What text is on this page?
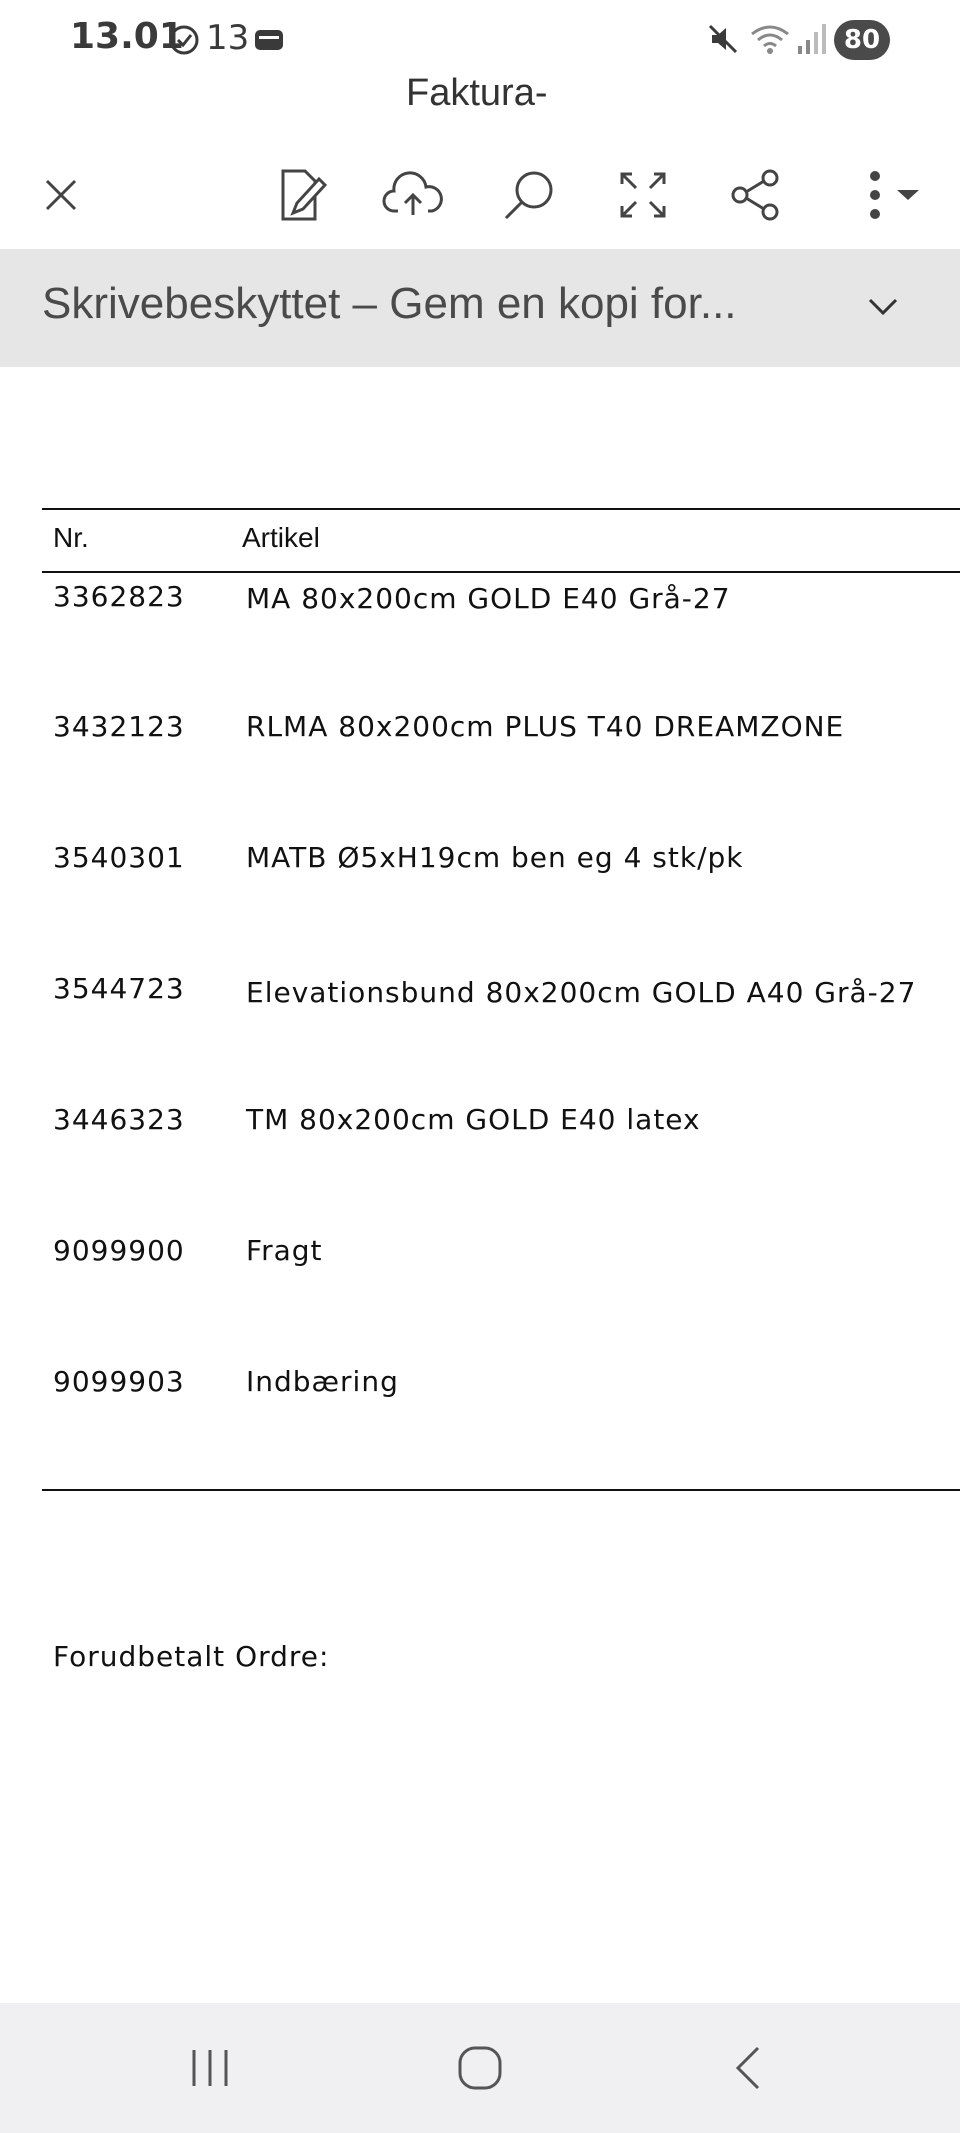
13.01 13	80
Faktura-
Skrivebeskyttet – Gem en kopi for...
Nr.	Artikel
3362823 MA 80x200cm GOLD E40 Grå-27
3432123 RLMA 80x200cm PLUS T40 DREAMZONE
3540301 MATB Ø5xH19cm ben eg 4 stk/pk
3544723 Elevationsbund 80x200cm GOLD A40 Grå-27
3446323 TM 80x200cm GOLD E40 latex
9099900 Fragt
9099903 Indbæring
Forudbetalt Ordre:
